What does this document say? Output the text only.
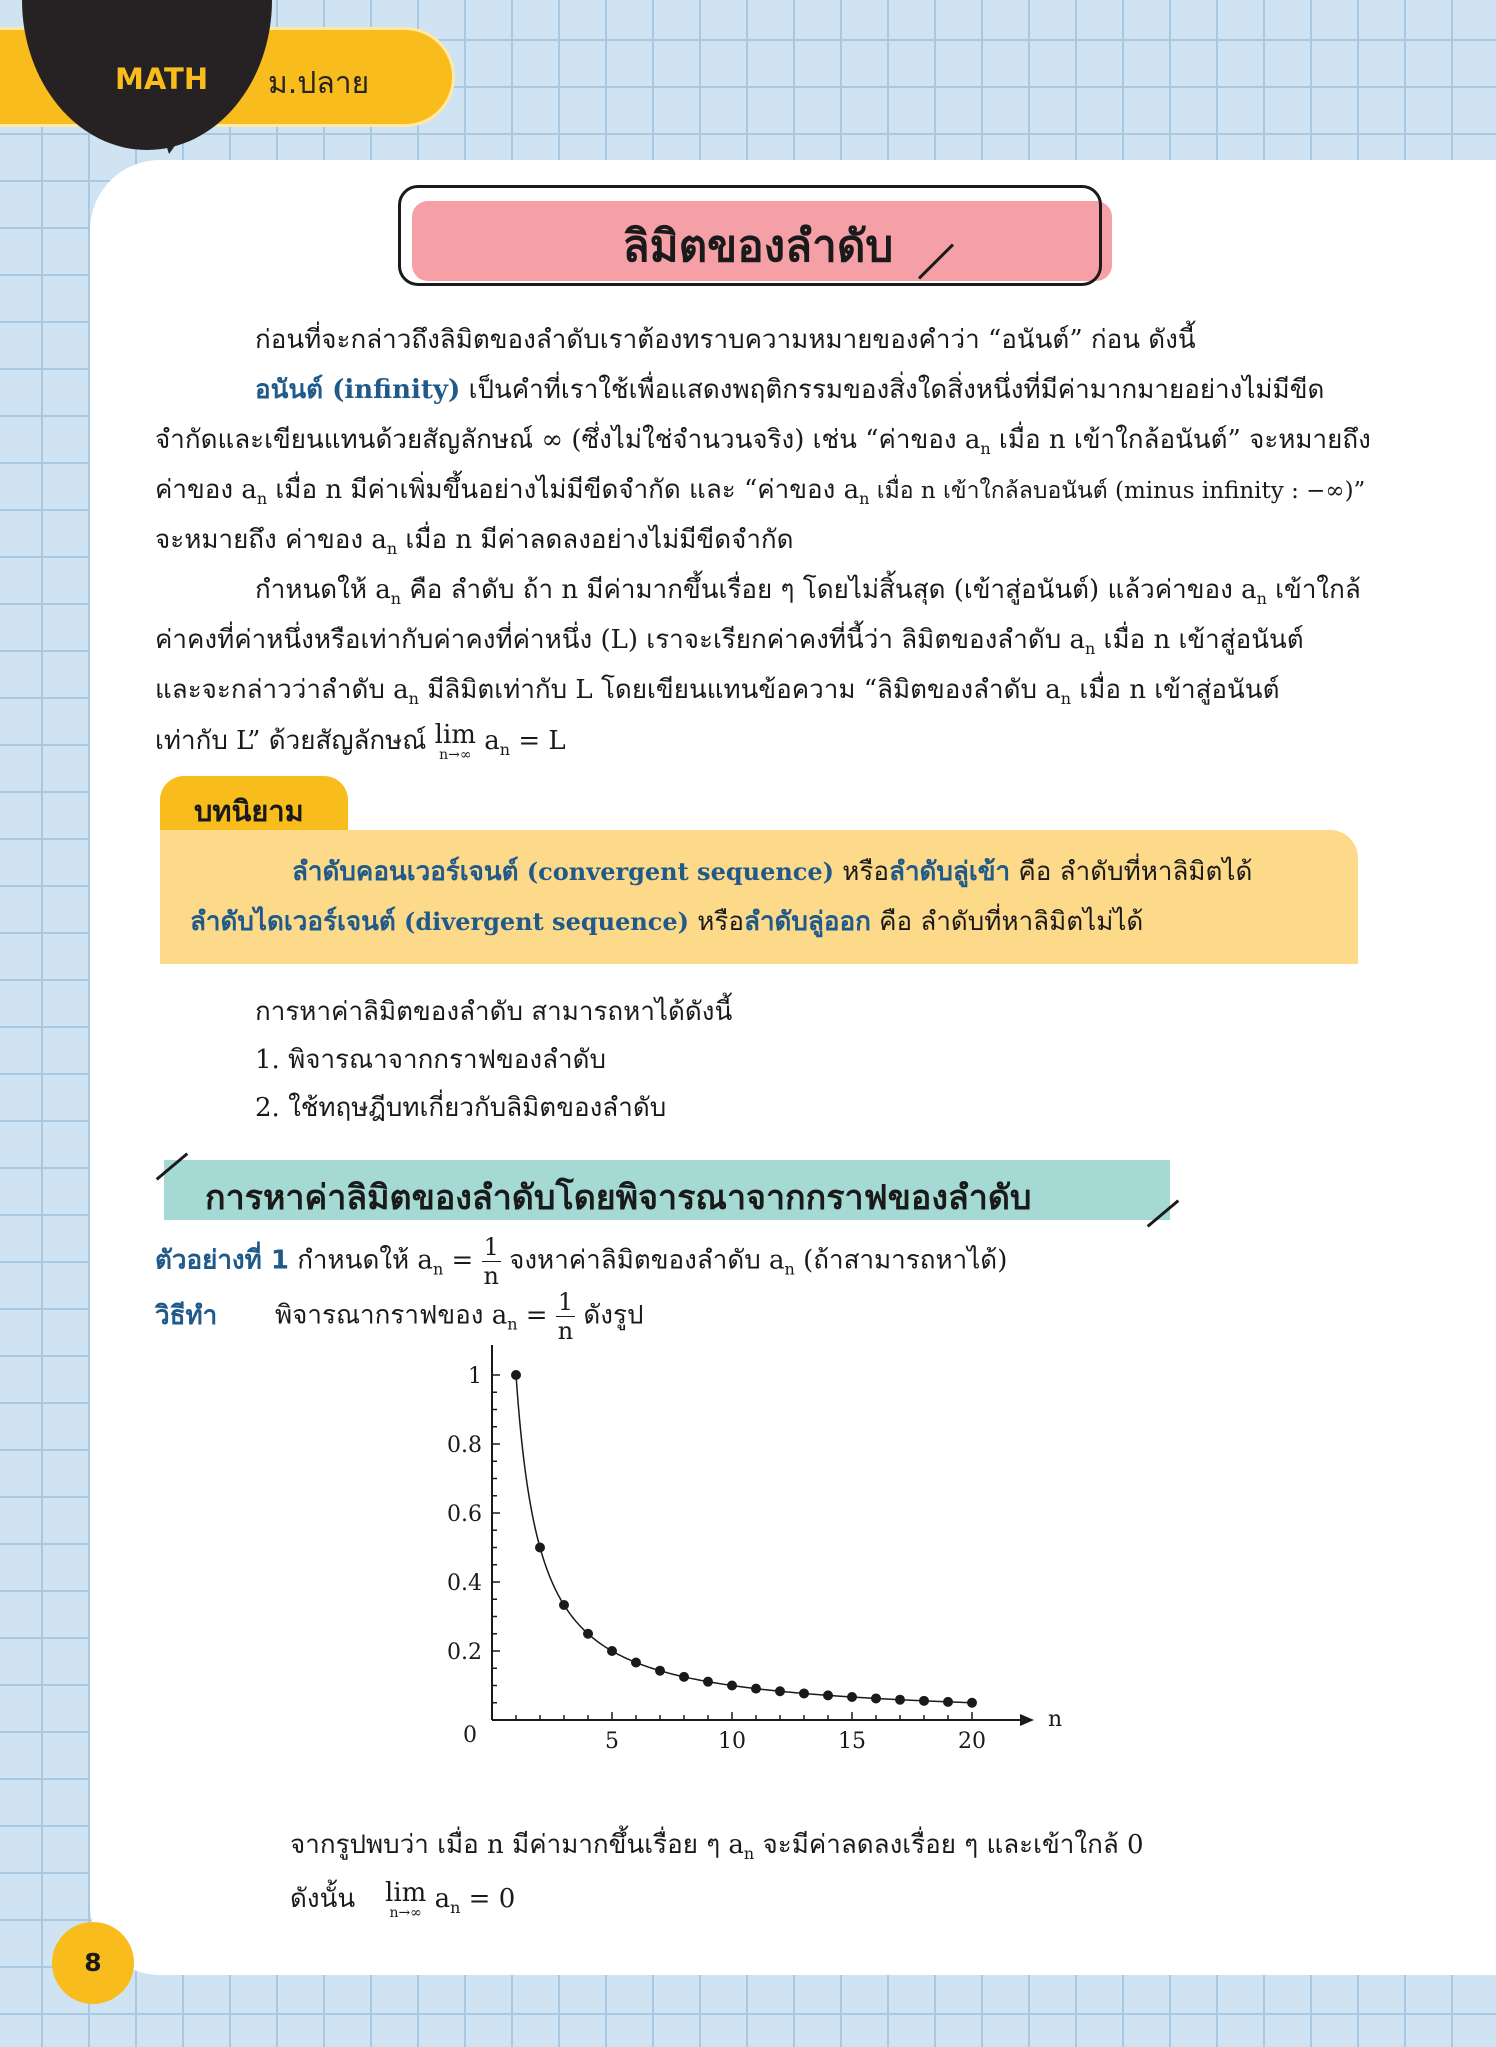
MATH ม.ปลาย
ลิมิตของลำดับ
ก่อนที่จะกล่าวถึงลิมิตของลำดับเราต้องทราบความหมายของคำว่า “อนันต์” ก่อน ดังนี้
อนันต์ (infinity) เป็นคำที่เราใช้เพื่อแสดงพฤติกรรมของสิ่งใดสิ่งหนึ่งที่มีค่ามากมายอย่างไม่มีขีด
จำกัดและเขียนแทนด้วยสัญลักษณ์ ∞ (ซึ่งไม่ใช่จำนวนจริง) เช่น “ค่าของ $a_n$ เมื่อ n เข้าใกล้อนันต์” จะหมายถึง
ค่าของ $a_n$ เมื่อ n มีค่าเพิ่มขึ้นอย่างไม่มีขีดจำกัด และ “ค่าของ $a_n$ เมื่อ n เข้าใกล้ลบอนันต์ (minus infinity : −∞)”
จะหมายถึง ค่าของ $a_n$ เมื่อ n มีค่าลดลงอย่างไม่มีขีดจำกัด
กำหนดให้ $a_n$ คือ ลำดับ ถ้า n มีค่ามากขึ้นเรื่อย ๆ โดยไม่สิ้นสุด (เข้าสู่อนันต์) แล้วค่าของ $a_n$ เข้าใกล้
ค่าคงที่ค่าหนึ่งหรือเท่ากับค่าคงที่ค่าหนึ่ง (L) เราจะเรียกค่าคงที่นี้ว่า ลิมิตของลำดับ $a_n$ เมื่อ n เข้าสู่อนันต์
และจะกล่าวว่าลำดับ $a_n$ มีลิมิตเท่ากับ L โดยเขียนแทนข้อความ “ลิมิตของลำดับ $a_n$ เมื่อ n เข้าสู่อนันต์
เท่ากับ L” ด้วยสัญลักษณ์ lim
n→∞ $a_n = L$
บทนิยาม
ลำดับคอนเวอร์เจนต์ (convergent sequence) หรือลำดับลู่เข้า คือ ลำดับที่หาลิมิตได้
ลำดับไดเวอร์เจนต์ (divergent sequence) หรือลำดับลู่ออก คือ ลำดับที่หาลิมิตไม่ได้
การหาค่าลิมิตของลำดับ สามารถหาได้ดังนี้
1. พิจารณาจากกราฟของลำดับ
2. ใช้ทฤษฎีบทเกี่ยวกับลิมิตของลำดับ
การหาค่าลิมิตของลำดับโดยพิจารณาจากกราฟของลำดับ
ตัวอย่างที่ 1 กำหนดให้ $a_n = \frac{1}{n}$ จงหาค่าลิมิตของลำดับ $a_n$ (ถ้าสามารถหาได้)
วิธีทำ พิจารณากราฟของ $a_n = \frac{1}{n}$ ดังรูป
5	10	15	20
0.2
0.4
0.6
0.8
1
0
n
จากรูปพบว่า เมื่อ n มีค่ามากขึ้นเรื่อย ๆ $a_n$ จะมีค่าลดลงเรื่อย ๆ และเข้าใกล้ 0
ดังนั้น lim
n→∞ $a_n = 0$
8
